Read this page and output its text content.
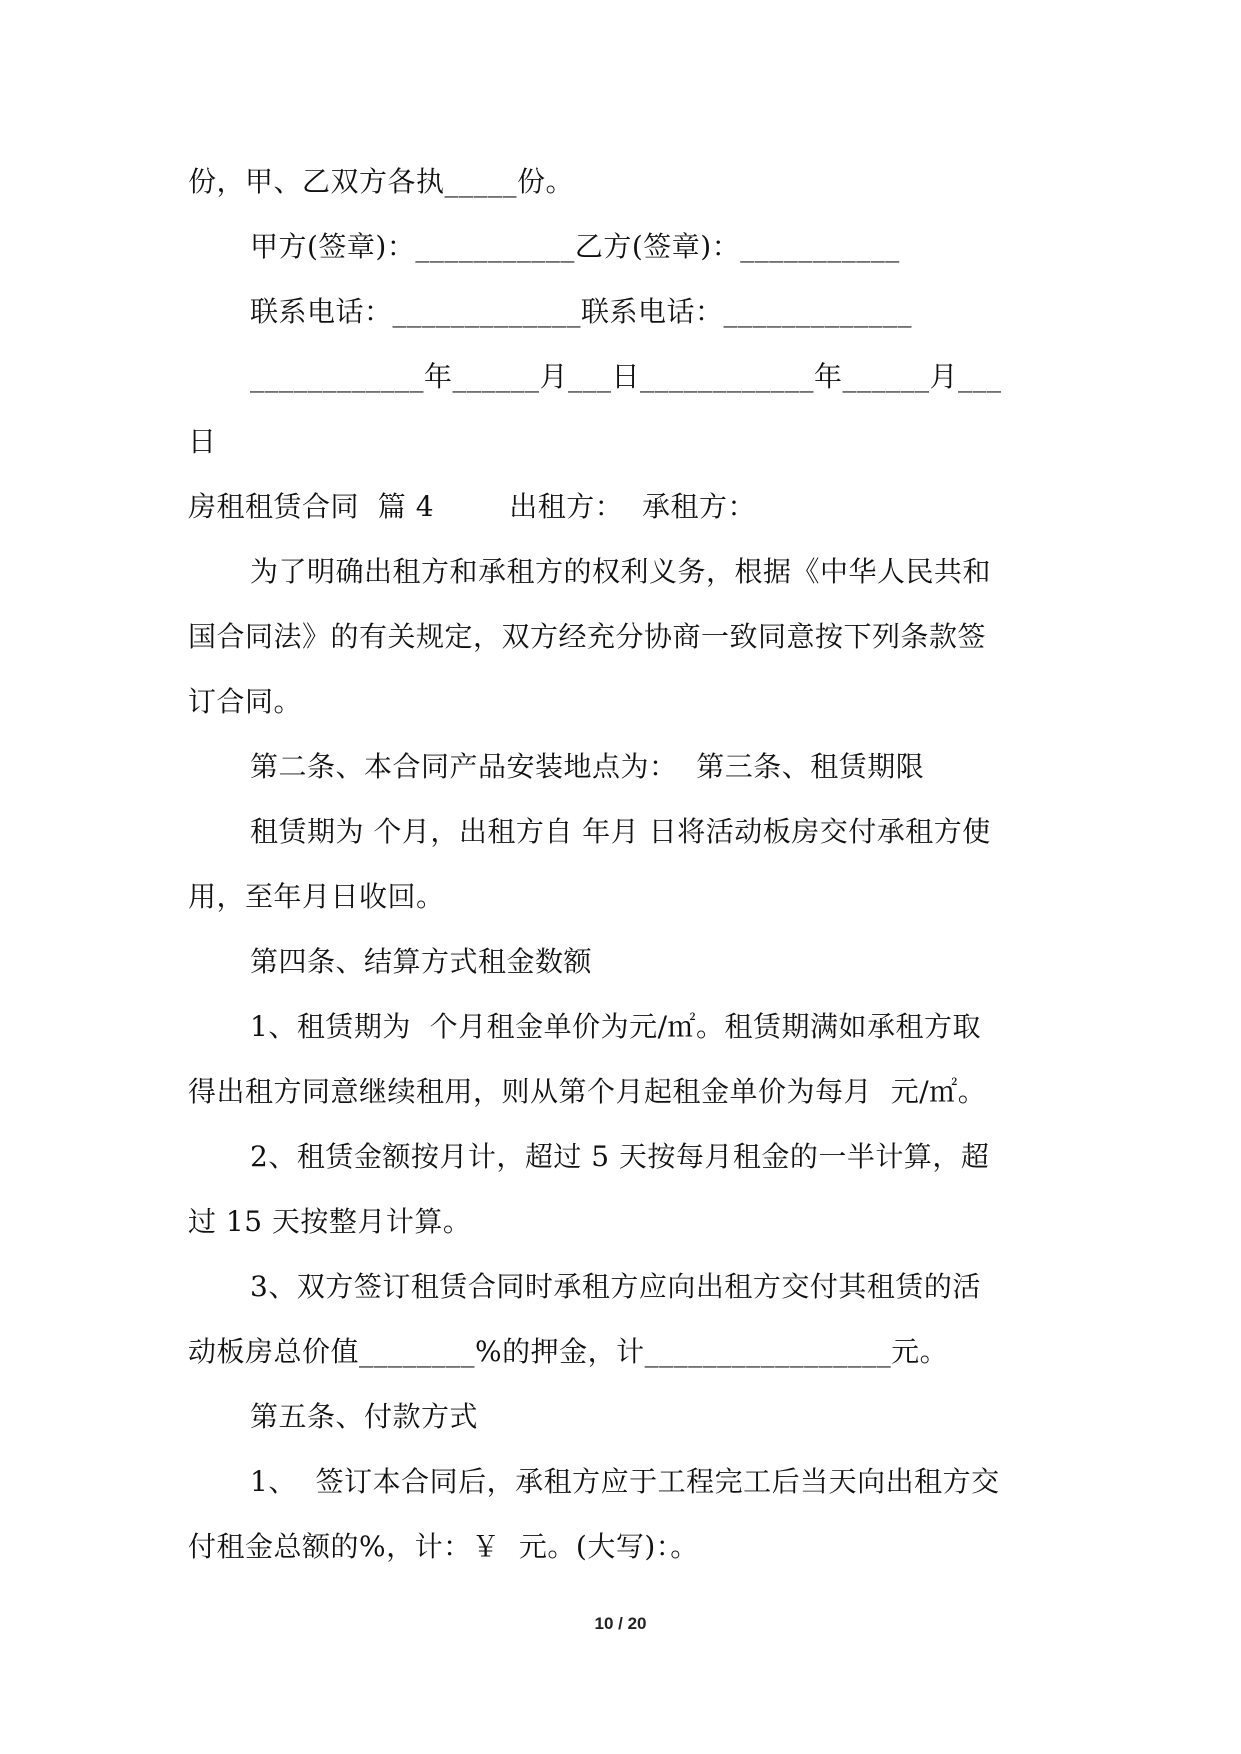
份，甲、乙双方各执_____份。
甲方(签章)：___________乙方(签章)：___________
联系电话：_____________联系电话：_____________
____________年______月___日____________年______月___
日
房租租赁合同  篇 4        出租方：  承租方：
为了明确出租方和承租方的权利义务，根据《中华人民共和
国合同法》的有关规定，双方经充分协商一致同意按下列条款签
订合同。
第二条、本合同产品安装地点为：  第三条、租赁期限
租赁期为 个月，出租方自 年月 日将活动板房交付承租方使
用，至年月日收回。
第四条、结算方式租金数额
1、租赁期为  个月租金单价为元/㎡。租赁期满如承租方取
得出租方同意继续租用，则从第个月起租金单价为每月  元/㎡。
2、租赁金额按月计，超过 5 天按每月租金的一半计算，超
过 15 天按整月计算。
3、双方签订租赁合同时承租方应向出租方交付其租赁的活
动板房总价值________%的押金，计_________________元。
第五条、付款方式
1、  签订本合同后，承租方应于工程完工后当天向出租方交
付租金总额的%，计：￥  元。(大写)：。
10 / 20
